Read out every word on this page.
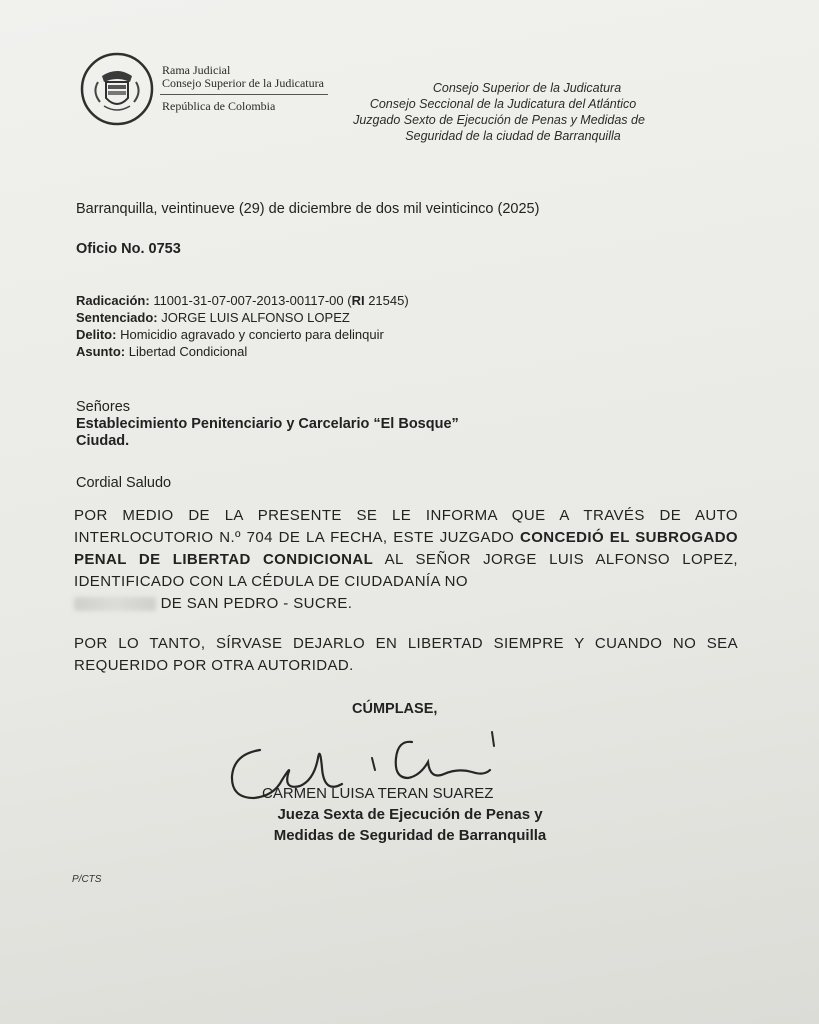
Rama Judicial
Consejo Superior de la Judicatura
República de Colombia
Consejo Superior de la Judicatura
Consejo Seccional de la Judicatura del Atlántico
Juzgado Sexto de Ejecución de Penas y Medidas de
Seguridad de la ciudad de Barranquilla
Barranquilla, veintinueve (29) de diciembre de dos mil veinticinco (2025)
Oficio No. 0753
Radicación: 11001-31-07-007-2013-00117-00 (RI 21545)
Sentenciado: JORGE LUIS ALFONSO LOPEZ
Delito: Homicidio agravado y concierto para delinquir
Asunto: Libertad Condicional
Señores
Establecimiento Penitenciario y Carcelario “El Bosque”
Ciudad.
Cordial Saludo
POR MEDIO DE LA PRESENTE SE LE INFORMA QUE A TRAVÉS DE AUTO INTERLOCUTORIO N.º 704 DE LA FECHA, ESTE JUZGADO CONCEDIÓ EL SUBROGADO PENAL DE LIBERTAD CONDICIONAL AL SEÑOR JORGE LUIS ALFONSO LOPEZ, IDENTIFICADO CON LA CÉDULA DE CIUDADANÍA NO
DE SAN PEDRO - SUCRE.
POR LO TANTO, SÍRVASE DEJARLO EN LIBERTAD SIEMPRE Y CUANDO NO SEA REQUERIDO POR OTRA AUTORIDAD.
CÚMPLASE,
CARMEN LUISA TERAN SUAREZ
Jueza Sexta de Ejecución de Penas y
Medidas de Seguridad de Barranquilla
P/CTS
